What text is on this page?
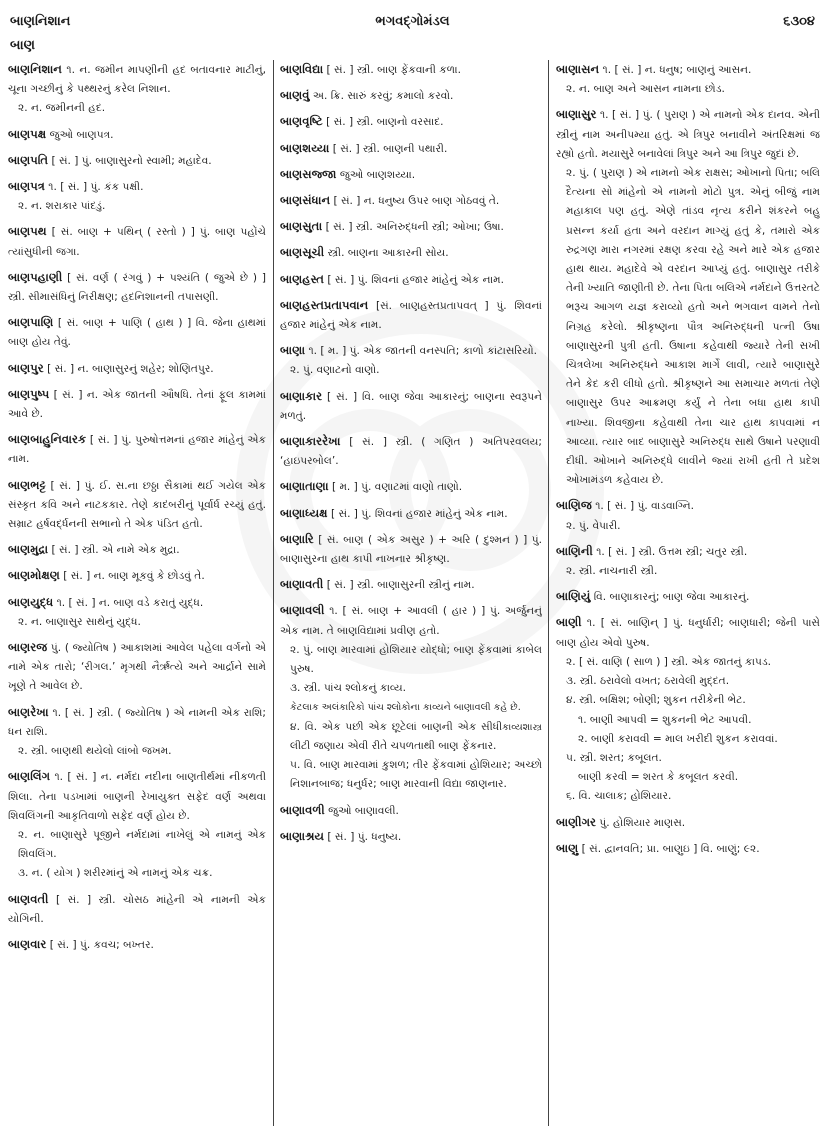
બાણનિશાન	ભગવદ્ગોમંડલ	૬૩૦૪
બાણ
બાણનિશાન ૧. ન. જમીન માપણીની હદ બતાવનાર માટીનું, ચૂના ગચ્છીનું કે પથ્થરનું કરેલ નિશાન.
૨. ન. જમીનની હદ.
બાણપક્ષ જુઓ બાણપત્ર.
બાણપતિ [ સં. ] પું. બાણાસુરનો સ્વામી; મહાદેવ.
બાણપત્ર ૧. [ સં. ] પું. કંક પક્ષી.
૨. ન. શરાકાર પાંદડું.
બાણપથ [ સં. બાણ + પથિન્ ( રસ્તો ) ] પું. બાણ પહોંચે ત્યાંસુધીની જગા.
બાણપહાણી [ સં. વર્ણ ( રંગવું ) + પશ્યંતિ ( જુએ છે ) ] સ્ત્રી. સીમાસંધિનું નિરીક્ષણ; હદનિશાનની તપાસણી.
બાણપાણિ [ સં. બાણ + પાણિ ( હાથ ) ] વિ. જેના હાથમાં બાણ હોય તેવું.
બાણપુર [ સં. ] ન. બાણાસુરનું શહેર; શોણિતપુર.
બાણપુષ્પ [ સં. ] ન. એક જાતની ઔષધિ. તેનાં ફૂલ કામમાં આવે છે.
બાણબાહુનિવારક [ સં. ] પું. પુરુષોત્તમનાં હજાર માંહેનું એક નામ.
બાણભટ્ટ [ સં. ] પું. ઈ. સ.ના છઠ્ઠા સૈકામાં થઈ ગયેલ એક સંસ્કૃત કવિ અને નાટકકાર. તેણે કાદંબરીનું પૂર્વાર્ધ રચ્યું હતું. સમ્રાટ હર્ષવર્દ્ધનની સભાનો તે એક પંડિત હતો.
બાણમુદ્રા [ સં. ] સ્ત્રી. એ નામે એક મુદ્રા.
બાણમોક્ષણ [ સં. ] ન. બાણ મૂકવું કે છોડવું તે.
બાણયુદ્ધ ૧. [ સં. ] ન. બાણ વડે કરાતું યુદ્ધ.
૨. ન. બાણાસુર સાથેનું યુદ્ધ.
બાણરજ પું. ( જ્યોતિષ ) આકાશમાં આવેલ પહેલા વર્ગનો એ નામે એક તારો; ‘રીગલ.’ મૃગથી નૈર્ઋત્યે અને આર્દ્રાને સામે ખૂણે તે આવેલ છે.
બાણરેખા ૧. [ સં. ] સ્ત્રી. ( જ્યોતિષ ) એ નામની એક રાશિ; ધન રાશિ.
૨. સ્ત્રી. બાણથી થયેલો લાંબો જખમ.
બાણલિંગ ૧. [ સં. ] ન. નર્મદા નદીના બાણતીર્થમાં નીકળતી શિલા. તેના પડખામાં બાણની રેખાયુક્ત સફેદ વર્ણ અથવા શિવલિંગની આકૃતિવાળો સફેદ વર્ણ હોય છે.
૨. ન. બાણાસુરે પૂજીને નર્મદામાં નાખેલું એ નામનું એક શિવલિંગ.
૩. ન. ( યોગ ) શરીરમાંનું એ નામનું એક ચક્ર.
બાણવતી [ સં. ] સ્ત્રી. ચોસઠ માંહેની એ નામની એક યોગિની.
બાણવાર [ સં. ] પું. કવચ; બખ્તર.
બાણવિદ્યા [ સં. ] સ્ત્રી. બાણ ફેંકવાની કળા.
બાણવું અ. ક્રિ. સારું કરવું; કમાલો કરવો.
બાણવૃષ્ટિ [ સં. ] સ્ત્રી. બાણનો વરસાદ.
બાણશય્યા [ સં. ] સ્ત્રી. બાણની પથારી.
બાણસજ્જા જુઓ બાણશય્યા.
બાણસંધાન [ સં. ] ન. ધનુષ્ય ઉપર બાણ ગોઠવવું તે.
બાણસુતા [ સં. ] સ્ત્રી. અનિરુદ્ધની સ્ત્રી; ઓખા; ઉષા.
બાણસૂચી સ્ત્રી. બાણના આકારની સોય.
બાણહસ્ત [ સં. ] પું. શિવનાં હજાર માંહેનું એક નામ.
બાણહસ્તપ્રતાપવાન [સં. બાણહસ્તપ્રતાપવત્ ] પું. શિવનાં હજાર માંહેનું એક નામ.
બાણા ૧. [ મ. ] પું. એક જાતની વનસ્પતિ; કાળો કાંટાસરિયો.
૨. પું. વણાટનો વાણો.
બાણાકાર [ સં. ] વિ. બાણ જેવા આકારનું; બાણના સ્વરૂપને મળતું.
બાણાકારરેખા [ સં. ] સ્ત્રી. ( ગણિત ) અતિપરવલય; ‘હાઇપરબોલ’.
બાણાતાણા [ મ. ] પું. વણાટમાં વાણો તાણો.
બાણાધ્યક્ષ [ સં. ] પું. શિવનાં હજાર માંહેનું એક નામ.
બાણારિ [ સં. બાણ ( એક અસુર ) + અરિ ( દુશ્મન ) ] પું. બાણાસુરના હાથ કાપી નાખનાર શ્રીકૃષ્ણ.
બાણાવતી [ સં. ] સ્ત્રી. બાણાસુરની સ્ત્રીનું નામ.
બાણાવલી ૧. [ સં. બાણ + આવલી ( હાર ) ] પું. અર્જુનનું એક નામ. તે બાણવિદ્યામાં પ્રવીણ હતો.
૨. પું. બાણ મારવામાં હોશિયાર યોદ્ધો; બાણ ફેંકવામાં કાબેલ પુરુષ.
૩. સ્ત્રી. પાંચ શ્લોકનું કાવ્ય.
કેટલાક અલંકારિકો પાંચ શ્લોકોના કાવ્યને બાણાવલી કહે છે.
કાવ્યશાસ્ત્ર
૪. વિ. એક પછી એક છૂટેલાં બાણની એક સીધી લીટી જણાય એવી રીતે ચપળતાથી બાણ ફેંકનાર.
૫. વિ. બાણ મારવામાં કુશળ; તીર ફેંકવામાં હોશિયાર; અચ્છો નિશાનબાજ; ધનુર્ધર; બાણ મારવાની વિદ્યા જાણનાર.
બાણાવળી જુઓ બાણાવલી.
બાણાશ્રય [ સં. ] પું. ધનુષ્ય.
બાણાસન ૧. [ સં. ] ન. ધનુષ; બાણનું આસન.
૨. ન. બાણ અને આસન નામના છોડ.
બાણાસુર ૧. [ સં. ] પું. ( પુરાણ ) એ નામનો એક દાનવ. એની સ્ત્રીનું નામ અનીપમ્યા હતું. એ ત્રિપુર બનાવીને અંતરિક્ષમાં જ રહ્યો હતો. મયાસુરે બનાવેલાં ત્રિપુર અને આ ત્રિપુર જુદાં છે.
૨. પું. ( પુરાણ ) એ નામનો એક રાક્ષસ; ઓખાનો પિતા; બલિ દૈત્યના સો માંહેનો એ નામનો મોટો પુત્ર. એનું બીજું નામ મહાકાલ પણ હતું. એણે તાંડવ નૃત્ય કરીને શંકરને બહુ પ્રસન્ન કર્યા હતા અને વરદાન માગ્યું હતું કે, તમારો એક રુદ્રગણ મારા નગરમાં રક્ષણ કરવા રહે અને મારે એક હજાર હાથ થાય. મહાદેવે એ વરદાન આપ્યું હતું. બાણાસુર તરીકે તેની ખ્યાતિ જાણીતી છે. તેના પિતા બલિએ નર્મદાને ઉત્તરતટે ભરૂચ આગળ યજ્ઞ કરાવ્યો હતો અને ભગવાન વામને તેનો નિગ્રહ કરેલો. શ્રીકૃષ્ણના પૌત્ર અનિરુદ્ધની પત્ની ઉષા બાણાસુરની પુત્રી હતી. ઉષાના કહેવાથી જ્યારે તેની સખી ચિત્રલેખા અનિરુદ્ધને આકાશ માર્ગે લાવી, ત્યારે બાણાસુરે તેને કેદ કરી લીધો હતો. શ્રીકૃષ્ણને આ સમાચાર મળતાં તેણે બાણાસુર ઉપર આક્રમણ કર્યું ને તેના બધા હાથ કાપી નાખ્યા. શિવજીના કહેવાથી તેના ચાર હાથ કાપવામાં ન આવ્યા. ત્યાર બાદ બાણાસુરે અનિરુદ્ધ સાથે ઉષાને પરણાવી દીધી. ઓખાને અનિરુદ્ધે લાવીને જ્યાં રાખી હતી તે પ્રદેશ ઓખામંડળ કહેવાય છે.
બાણિજ ૧. [ સં. ] પું. વાડવાગ્નિ.
૨. પું. વેપારી.
બાણિની ૧. [ સં. ] સ્ત્રી. ઉત્તમ સ્ત્રી; ચતુર સ્ત્રી.
૨. સ્ત્રી. નાચનારી સ્ત્રી.
બાણિયું વિ. બાણાકારનું; બાણ જેવા આકારનું.
બાણી ૧. [ સં. બાણિન્ ] પું. ધનુર્ધારી; બાણધારી; જેની પાસે બાણ હોય એવો પુરુષ.
૨. [ સં. વાણિ ( સાળ ) ] સ્ત્રી. એક જાતનું કાપડ.
૩. સ્ત્રી. ઠરાવેલો વખત; ઠરાવેલી મુદ્દત.
૪. સ્ત્રી. બક્ષિશ; બોણી; શુકન તરીકેની ભેટ.
૧. બાણી આપવી = શુકનની ભેટ આપવી.
૨. બાણી કરાવવી = માલ ખરીદી શુકન કરાવવાં.
૫. સ્ત્રી. શરત; કબૂલત.
બાણી કરવી = શરત કે કબૂલત કરવી.
૬. વિ. ચાલાક; હોશિયાર.
બાણીગર પું. હોશિયાર માણસ.
બાણુ [ સં. દ્વાનવતિ; પ્રા. બાણુઇ ] વિ. બાણું; ૯૨.
